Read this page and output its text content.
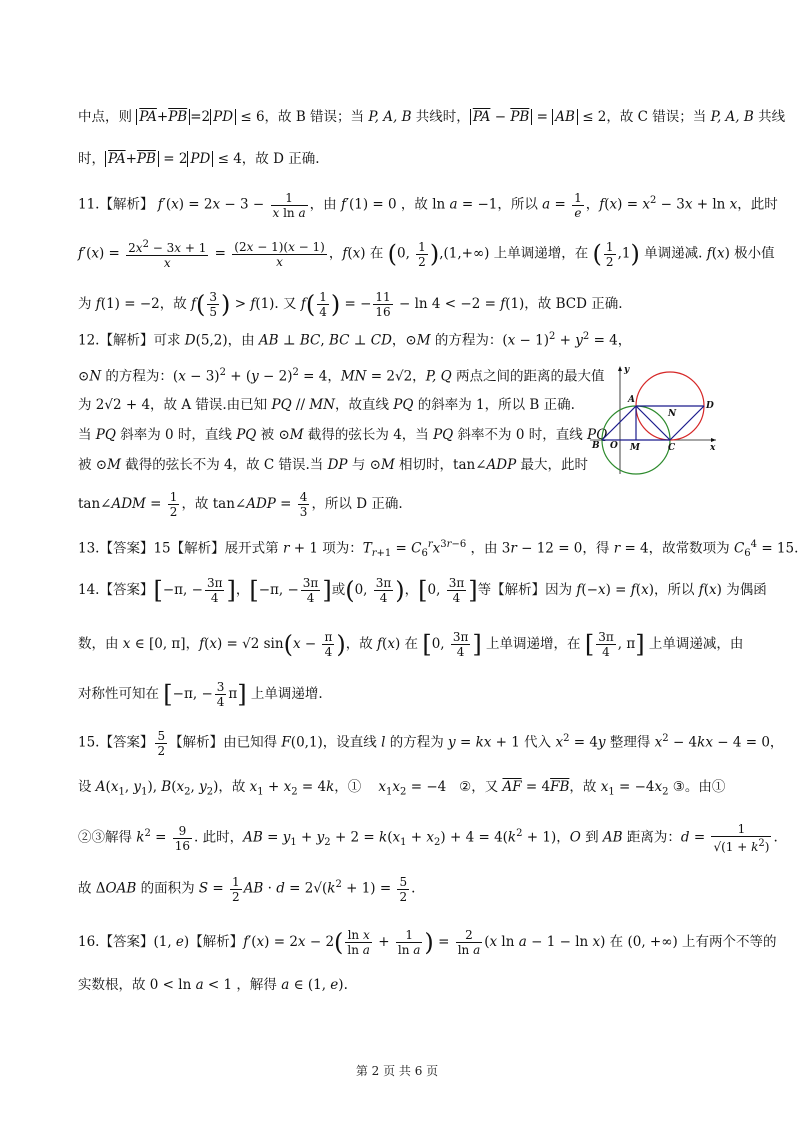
中点，则 $\overline{PA}+\overline{PB} =2$ PD ≤ 6，故 B 错误；当 P, A, B 共线时， $\overline{PA} - \overline{PB}$ = AB ≤ 2，故 C 错误；当 P, A, B 共线
时， $\overline{PA}+\overline{PB} = 2$ PD ≤ 4，故 D 正确.
11.【解析】 $f'(x) = 2x - 3 - \frac{1}{\text{x ln a}}$ ，由 f′(1) = 0 ，故 ln a = −1，所以 $a = \frac{1}{e}$ ，$f(x) = x^2 - 3x + \ln x$，此时
$f'(x) = \frac{2x^2 - 3x + 1}{x} = \frac{(2x - 1)(x - 1)}{x}$ ，f(x) 在 (0, $\frac{1}{2} ),(1,+\infty)$ 上单调递增，在 ( $\frac{1}{2} ,1$) 单调递减. f(x) 极小值
为 f(1) = −2，故 $f( \frac{3}{5}$ ) > f(1). 又 $f( \frac{1}{4}$ ) = − $\frac{11}{16} - \ln 4 < -2 = f(1)$，故 BCD 正确.
12.【解析】可求 D(5,2)，由 AB ⊥ BC, BC ⊥ CD，⊙M 的方程为：$(x - 1)^2 + y^2 = 4$，
⊙N 的方程为：$(x - 3)^2 + (y - 2)^2 = 4$，MN = 2√2，P, Q 两点之间的距离的最大值
为 2√2 + 4，故 A 错误.由已知 PQ // MN，故直线 PQ 的斜率为 1，所以 B 正确.
当 PQ 斜率为 0 时，直线 PQ 被 ⊙M 截得的弦长为 4，当 PQ 斜率不为 0 时，直线 PQ
被 ⊙M 截得的弦长不为 4，故 C 错误.当 DP 与 ⊙M 相切时，tan∠ADP 最大，此时
tan∠ADM = $\frac{1}{2}$ ，故 tan∠ADP = $\frac{4}{3}$ ，所以 D 正确.
y
x
A
D
N
B O M	C
13.【答案】15【解析】展开式第 r + 1 项为：$T_{r+1} = C_6^rx^{3r-6}$ ，由 3r − 12 = 0，得 r = 4，故常数项为 $C_6^4 = 15$.
14.【答案】[−π, − $\frac{3\pi}{4}$ ]，[−π, − $\frac{3\pi}{4}$ ]或(0, $\frac{3\pi}{4}$ )，[0, $\frac{3\pi}{4}$ ]等【解析】因为 f(−x) = f(x)，所以 f(x) 为偶函
数，由 x ∈ [0, π]，f(x) = √2 $\sin(x - \frac{\pi}{4}$ )，故 f(x) 在 [0, $\frac{3\pi}{4}$ ] 上单调递增，在 [ $\frac{3\pi}{4}$ , π] 上单调递减，由
对称性可知在 [−π, − $\frac{3}{4} \pi$] 上单调递增.
15.【答案】 $\frac{5}{2}$ 【解析】由已知得 F(0,1)，设直线 l 的方程为 y = kx + 1 代入 $x^2 = 4y$ 整理得 $x^2 - 4kx - 4 = 0$，
设 $A(x_1$, $y_1$), $B(x_2$, $y_2$)，故 $x_1 + x_2 = 4k$，①    $x_1x_2 = -4$   ②，又 $\overline{AF} = 4\overline{FB}$，故 $x_1 = -4x_2$ ③。由①
②③解得 $k^2 = \frac{9}{16}$ . 此时，AB = $y_1 + y_2 + 2 = k(x_1 + x_2) + 4 = 4(k^2 + 1)$，O 到 AB 距离为：$d = \frac{1}{√(1 + k^2)}$ .
故 ΔOAB 的面积为 $S = \frac{1}{2}$ AB · $d = 2√(k^2 + 1) = \frac{5}{2}$ .
16.【答案】(1, e)【解析】$f'(x) = 2x - 2( \frac{\text{ln x}}{\text{ln a}} + \frac{1}{\text{ln a}}$ ) = $\frac{2}{\text{ln a}} (x$ ln a − 1 − ln x) 在 (0, +∞) 上有两个不等的
实数根，故 0 < ln a < 1 ，解得 a ∈ (1, e).
第 2 页 共 6 页
